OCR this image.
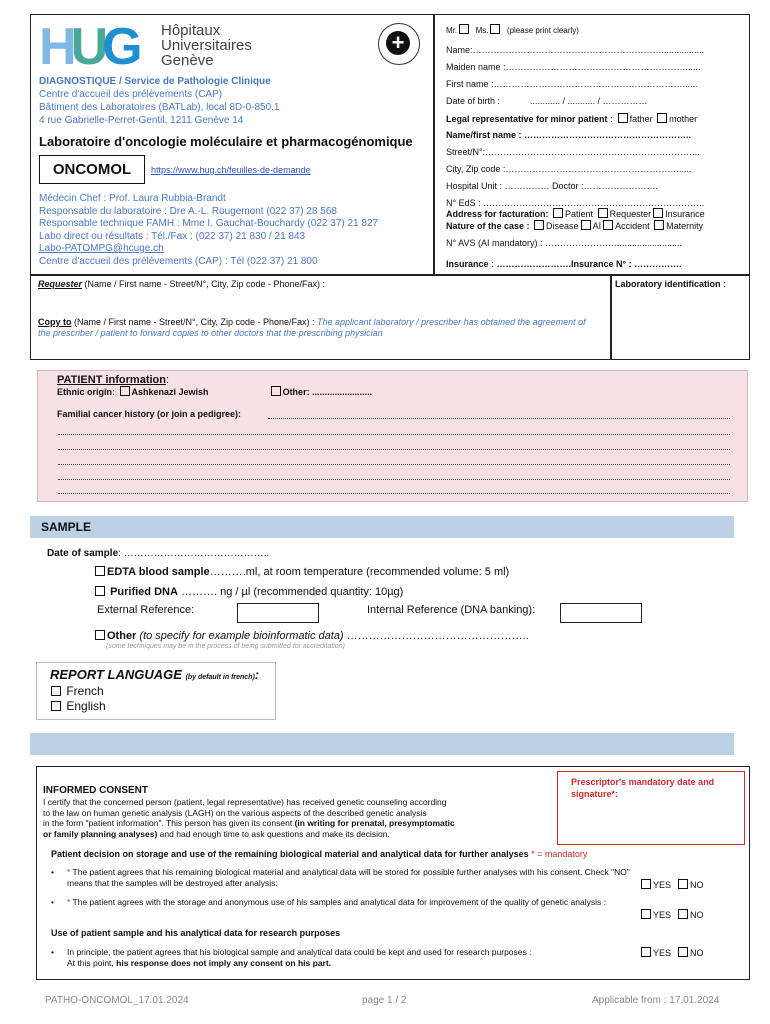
HUG Hôpitaux
Universitaires
Genève
+
DIAGNOSTIQUE / Service de Pathologie Clinique
Centre d'accueil des prélèvements (CAP)
Bâtiment des Laboratoires (BATLab), local 8D-0-850.1
4 rue Gabrielle-Perret-Gentil, 1211 Genève 14
Laboratoire d'oncologie moléculaire et pharmacogénomique
ONCOMOL	https://www.hug.ch/feuilles-de-demande
Médecin Chef : Prof. Laura Rubbia-Brandt
Responsable du laboratoire : Dre A.-L. Rougemont (022 37) 28 568
Responsable technique FAMH : Mme I. Gauchat-Bouchardy (022 37) 21 827
Labo direct ou résultats : Tél./Fax : (022 37) 21 830 / 21 843
Labo-PATOMPG@hcuge.ch
Centre d'accueil des prélèvements (CAP) : Tél (022 37) 21 800
Mr. Ms. (please print clearly)
Name:……………………………………………………….................
Maiden name :……………………………………………………......
First name :………………………………………………………......
Date of birth :	............ / ........... / ……………
Legal representative for minor patient : father mother
Name/first name : ………………………………………………..
Street/N°:……………………………………………………………...
City, Zip code :…………………………………………………......
Hospital Unit : …………… Doctor :…………………….
N° EdS : ………………………………………………………………..
Address for facturation: Patient Requester Insurance
Nature of the case : Disease AI Accident Maternity
N° AVS (AI mandatory) : ……………………..........................
Insurance : …………………….Insurance N° : …………….
Requester (Name / First name - Street/N°, City, Zip code - Phone/Fax) :
Copy to (Name / First name - Street/N°, City, Zip code - Phone/Fax) : The applicant laboratory / prescriber has obtained the agreement of the prescriber / patient to forward copies to other doctors that the prescribing physician
Laboratory identification :
PATIENT information:
Ethnic origin: Ashkenazi Jewish	Other: ........................
Familial cancer history (or join a pedigree):
SAMPLE
Date of sample: ……………………………………..
EDTA blood sample……….ml, at room temperature (recommended volume: 5 ml)
Purified DNA ………. ng / µl (recommended quantity: 10µg)
External Reference:	Internal Reference (DNA banking):
Other (to specify for example bioinformatic data) …………………………………………..
(some techniques may be in the process of being submitted for accreditation)
REPORT LANGUAGE (by default in french):
French
English
INFORMED CONSENT
I certify that the concerned person (patient, legal representative) has received genetic counseling according
to the law on human genetic analysis (LAGH) on the various aspects of the described genetic analysis
in the form "patient information". This person has given its consent (in writing for prenatal, presymptomatic
or family planning analyses) and had enough time to ask questions and make its decision.
Patient decision on storage and use of the remaining biological material and analytical data for further analyses * = mandatory
• * The patient agrees that his remaining biological material and analytical data will be stored for possible further analyses with his consent. Check "NO" means that the samples will be destroyed after analysis:	YES NO
• * The patient agrees with the storage and anonymous use of his samples and analytical data for improvement of the quality of genetic analysis :
YES NO
Use of patient sample and his analytical data for research purposes
• In principle, the patient agrees that his biological sample and analytical data could be kept and used for research purposes :
At this point, his response does not imply any consent on his part.
YES NO
Prescriptor's mandatory date and signature*:
PATHO-ONCOMOL_17.01.2024	page 1 / 2	Applicable from : 17.01.2024
